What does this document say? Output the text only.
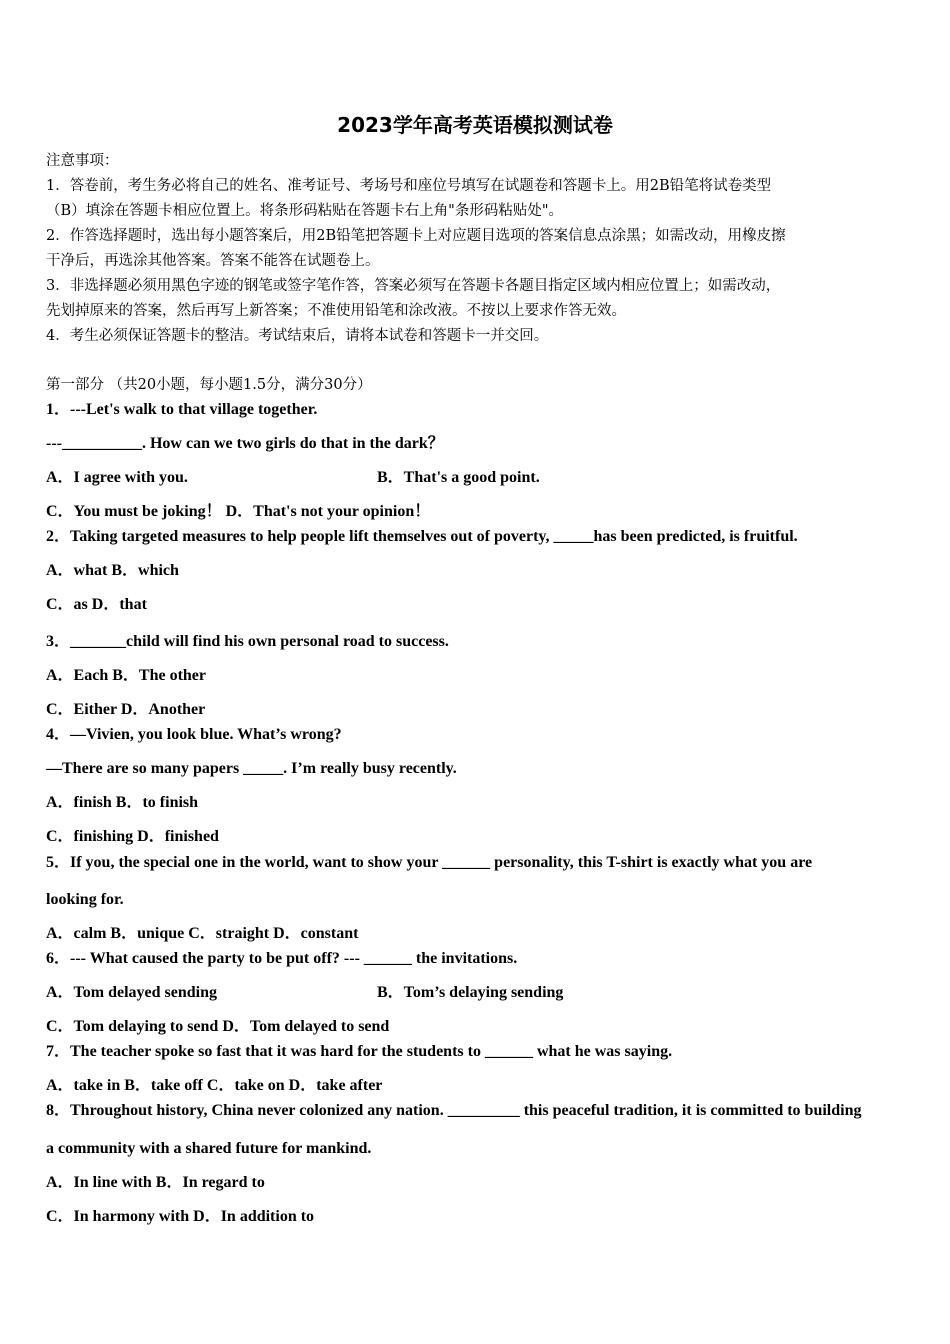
2023学年高考英语模拟测试卷
注意事项：
1．答卷前，考生务必将自己的姓名、准考证号、考场号和座位号填写在试题卷和答题卡上。用2B铅笔将试卷类型
（B）填涂在答题卡相应位置上。将条形码粘贴在答题卡右上角"条形码粘贴处"。
2．作答选择题时，选出每小题答案后，用2B铅笔把答题卡上对应题目选项的答案信息点涂黑；如需改动，用橡皮擦
干净后，再选涂其他答案。答案不能答在试题卷上。
3．非选择题必须用黑色字迹的钢笔或签字笔作答，答案必须写在答题卡各题目指定区域内相应位置上；如需改动，
先划掉原来的答案，然后再写上新答案；不准使用铅笔和涂改液。不按以上要求作答无效。
4．考生必须保证答题卡的整洁。考试结束后，请将本试卷和答题卡一并交回。
第一部分 （共20小题，每小题1.5分，满分30分）
1．---Let's walk to that village together.
---__________. How can we two girls do that in the dark？
A．I agree with you.	B．That's a good point.
C．You must be joking！ D．That's not your opinion！
2．Taking targeted measures to help people lift themselves out of poverty, _____has been predicted, is fruitful.
A．what B．which
C．as D．that
3．_______child will find his own personal road to success.
A．Each B．The other
C．Either D．Another
4．—Vivien, you look blue. What’s wrong?
—There are so many papers _____. I’m really busy recently.
A．finish B．to finish
C．finishing D．finished
5．If you, the special one in the world, want to show your ______ personality, this T-shirt is exactly what you are
looking for.
A．calm B．unique C．straight D．constant
6．--- What caused the party to be put off? --- ______ the invitations.
A．Tom delayed sending	B．Tom’s delaying sending
C．Tom delaying to send D．Tom delayed to send
7．The teacher spoke so fast that it was hard for the students to ______ what he was saying.
A．take in B．take off C．take on D．take after
8．Throughout history, China never colonized any nation. _________ this peaceful tradition, it is committed to building
a community with a shared future for mankind.
A．In line with B．In regard to
C．In harmony with D．In addition to
